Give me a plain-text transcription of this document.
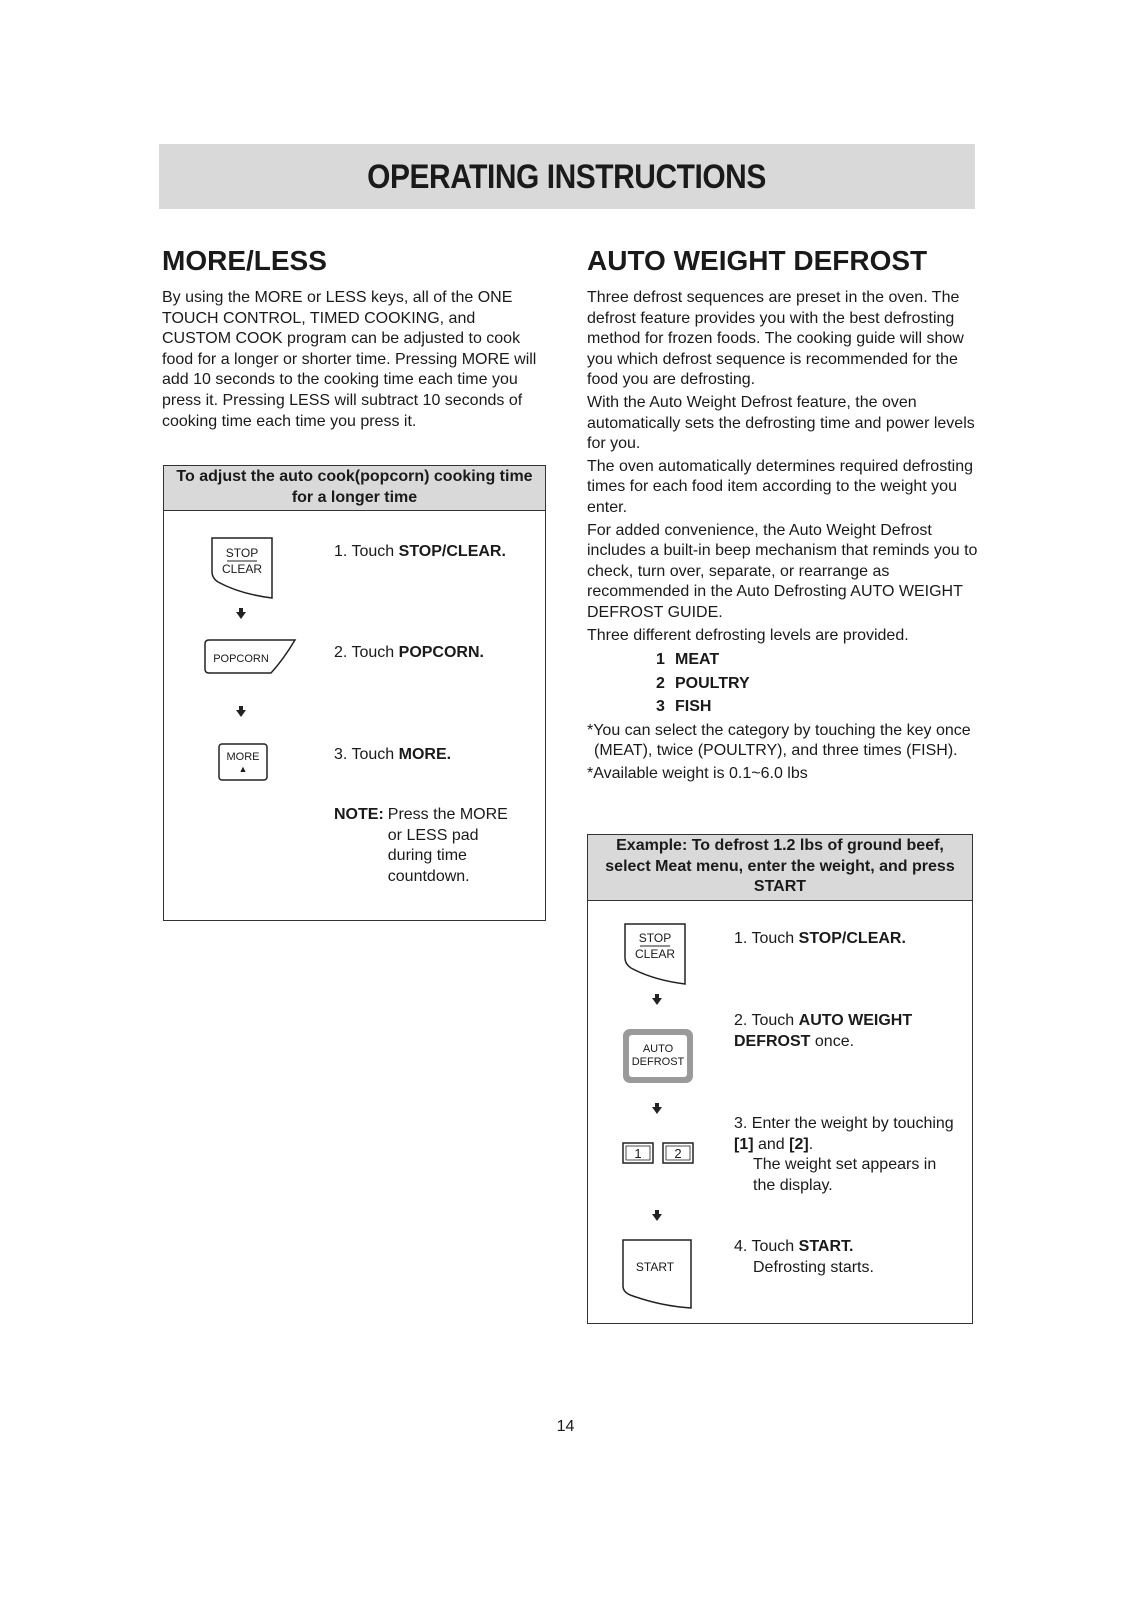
OPERATING INSTRUCTIONS
MORE/LESS

By using the MORE or LESS keys, all of the ONE TOUCH CONTROL, TIMED COOKING, and CUSTOM COOK program can be adjusted to cook food for a longer or shorter time. Pressing MORE will add 10 seconds to the cooking time each time you press it. Pressing LESS will subtract 10 seconds of cooking time each time you press it.

To adjust the auto cook(popcorn) cooking time for a longer time
STOP
CLEAR
1. Touch STOP/CLEAR.
POPCORN	2. Touch POPCORN.
MORE
▲
3. Touch MORE.
NOTE: Press the MORE or LESS pad during time countdown.
AUTO WEIGHT DEFROST

Three defrost sequences are preset in the oven. The defrost feature provides you with the best defrosting method for frozen foods. The cooking guide will show you which defrost sequence is recommended for the food you are defrosting.

With the Auto Weight Defrost feature, the oven automatically sets the defrosting time and power levels for you.

The oven automatically determines required defrosting times for each food item according to the weight you enter.

For added convenience, the Auto Weight Defrost includes a built-in beep mechanism that reminds you to check, turn over, separate, or rearrange as recommended in the Auto Defrosting AUTO WEIGHT DEFROST GUIDE.

Three different defrosting levels are provided.

1 MEAT
2 POULTRY
3 FISH

*You can select the category by touching the key once (MEAT), twice (POULTRY), and three times (FISH).

*Available weight is 0.1~6.0 lbs

Example: To defrost 1.2 lbs of ground beef, select Meat menu, enter the weight, and press START
STOP
CLEAR
1. Touch STOP/CLEAR.
AUTO
DEFROST
2. Touch AUTO WEIGHT DEFROST once.
1	2
3. Enter the weight by touching [1] and [2].
The weight set appears in the display.
START
4. Touch START.
Defrosting starts.
14
